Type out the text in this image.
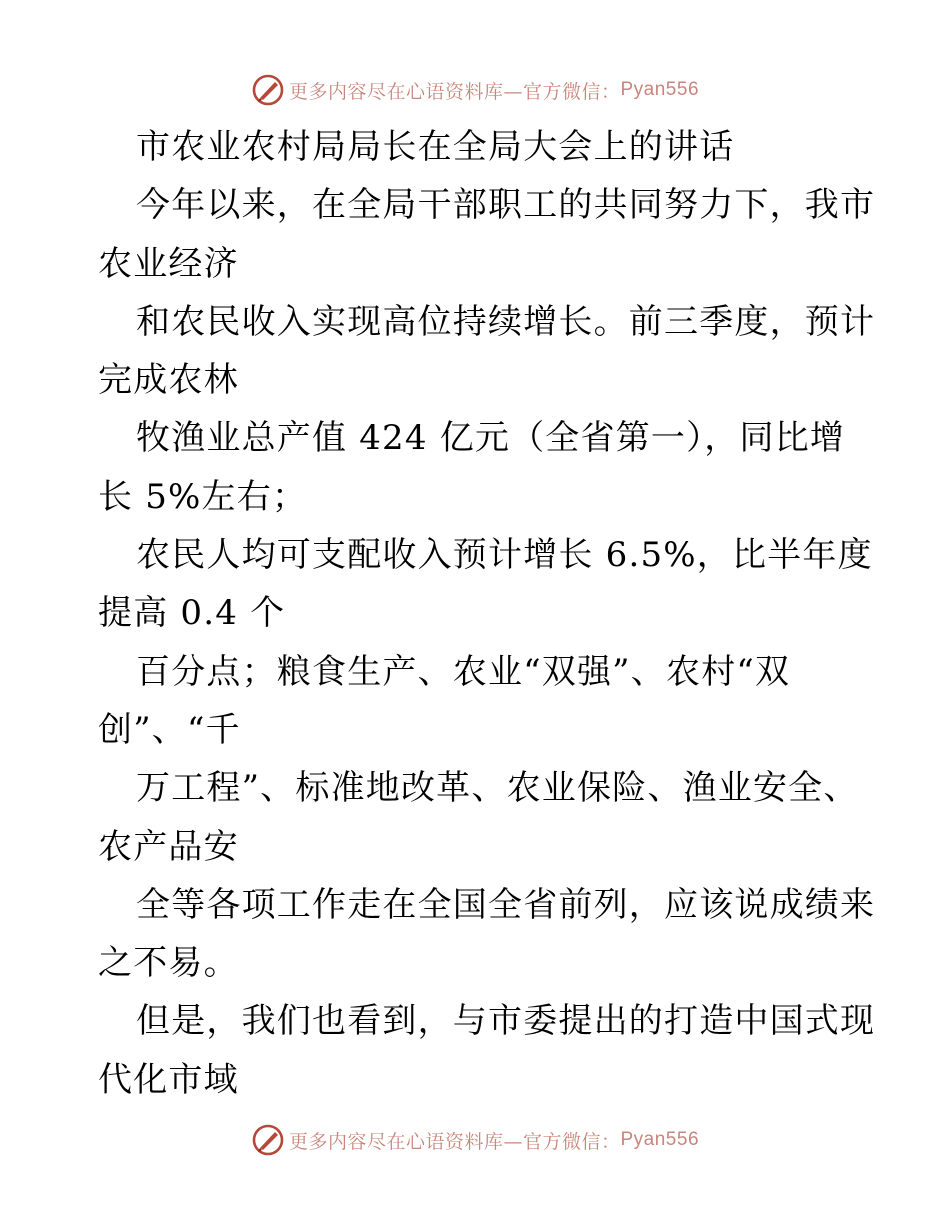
更多内容尽在心语资料库—官方微信： Pyan556
市农业农村局局长在全局大会上的讲话
今年以来，在全局干部职工的共同努力下，我市
农业经济
和农民收入实现高位持续增长。前三季度，预计
完成农林
牧渔业总产值 424 亿元（全省第一），同比增
长 5%左右；
农民人均可支配收入预计增长 6.5%，比半年度
提高 0.4 个
百分点；粮食生产、农业“双强”、农村“双
创”、“千
万工程”、标准地改革、农业保险、渔业安全、
农产品安
全等各项工作走在全国全省前列，应该说成绩来
之不易。
但是，我们也看到，与市委提出的打造中国式现
代化市域
更多内容尽在心语资料库—官方微信： Pyan556
